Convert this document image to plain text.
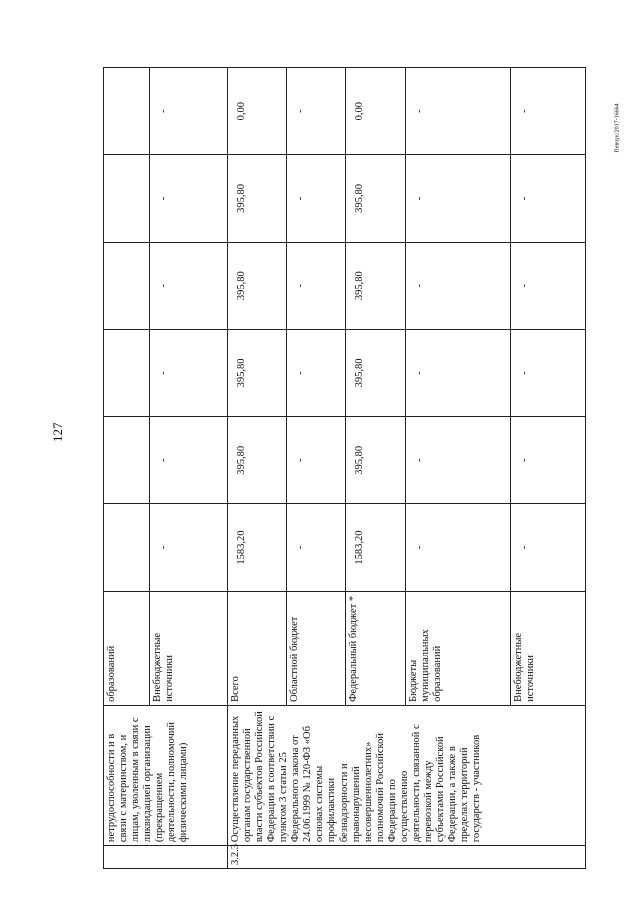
127
Певчук/2017-16664
	нетрудоспособности и в связи с материнством, и лицам, уволенным в связи с ликвидацией организации (прекращением деятельности, полномочий физическими лицами)	образований						
		Внебюджетные источники	-	-	-	-	-	-
3.2.3	Осуществление переданных органам государственной власти субъектов Российской Федерации в соответствии с пунктом 3 статьи 25 Федерального закона от 24.06.1999 № 120-ФЗ «Об основах системы профилактики безнадзорности и правонарушений несовершеннолетних» полномочий Российской Федерации по осуществлению деятельности, связанной с перевозкой между субъектами Российской Федерации, а также в пределах территорий государств - участников	Всего	1583,20	395,80	395,80	395,80	395,80	0,00
		Областной бюджет	-	-	-	-	-	-
		Федеральный бюджет *	1583,20	395,80	395,80	395,80	395,80	0,00
		Бюджеты муниципальных образований	-	-	-	-	-	-
		Внебюджетные источники	-	-	-	-	-	-
